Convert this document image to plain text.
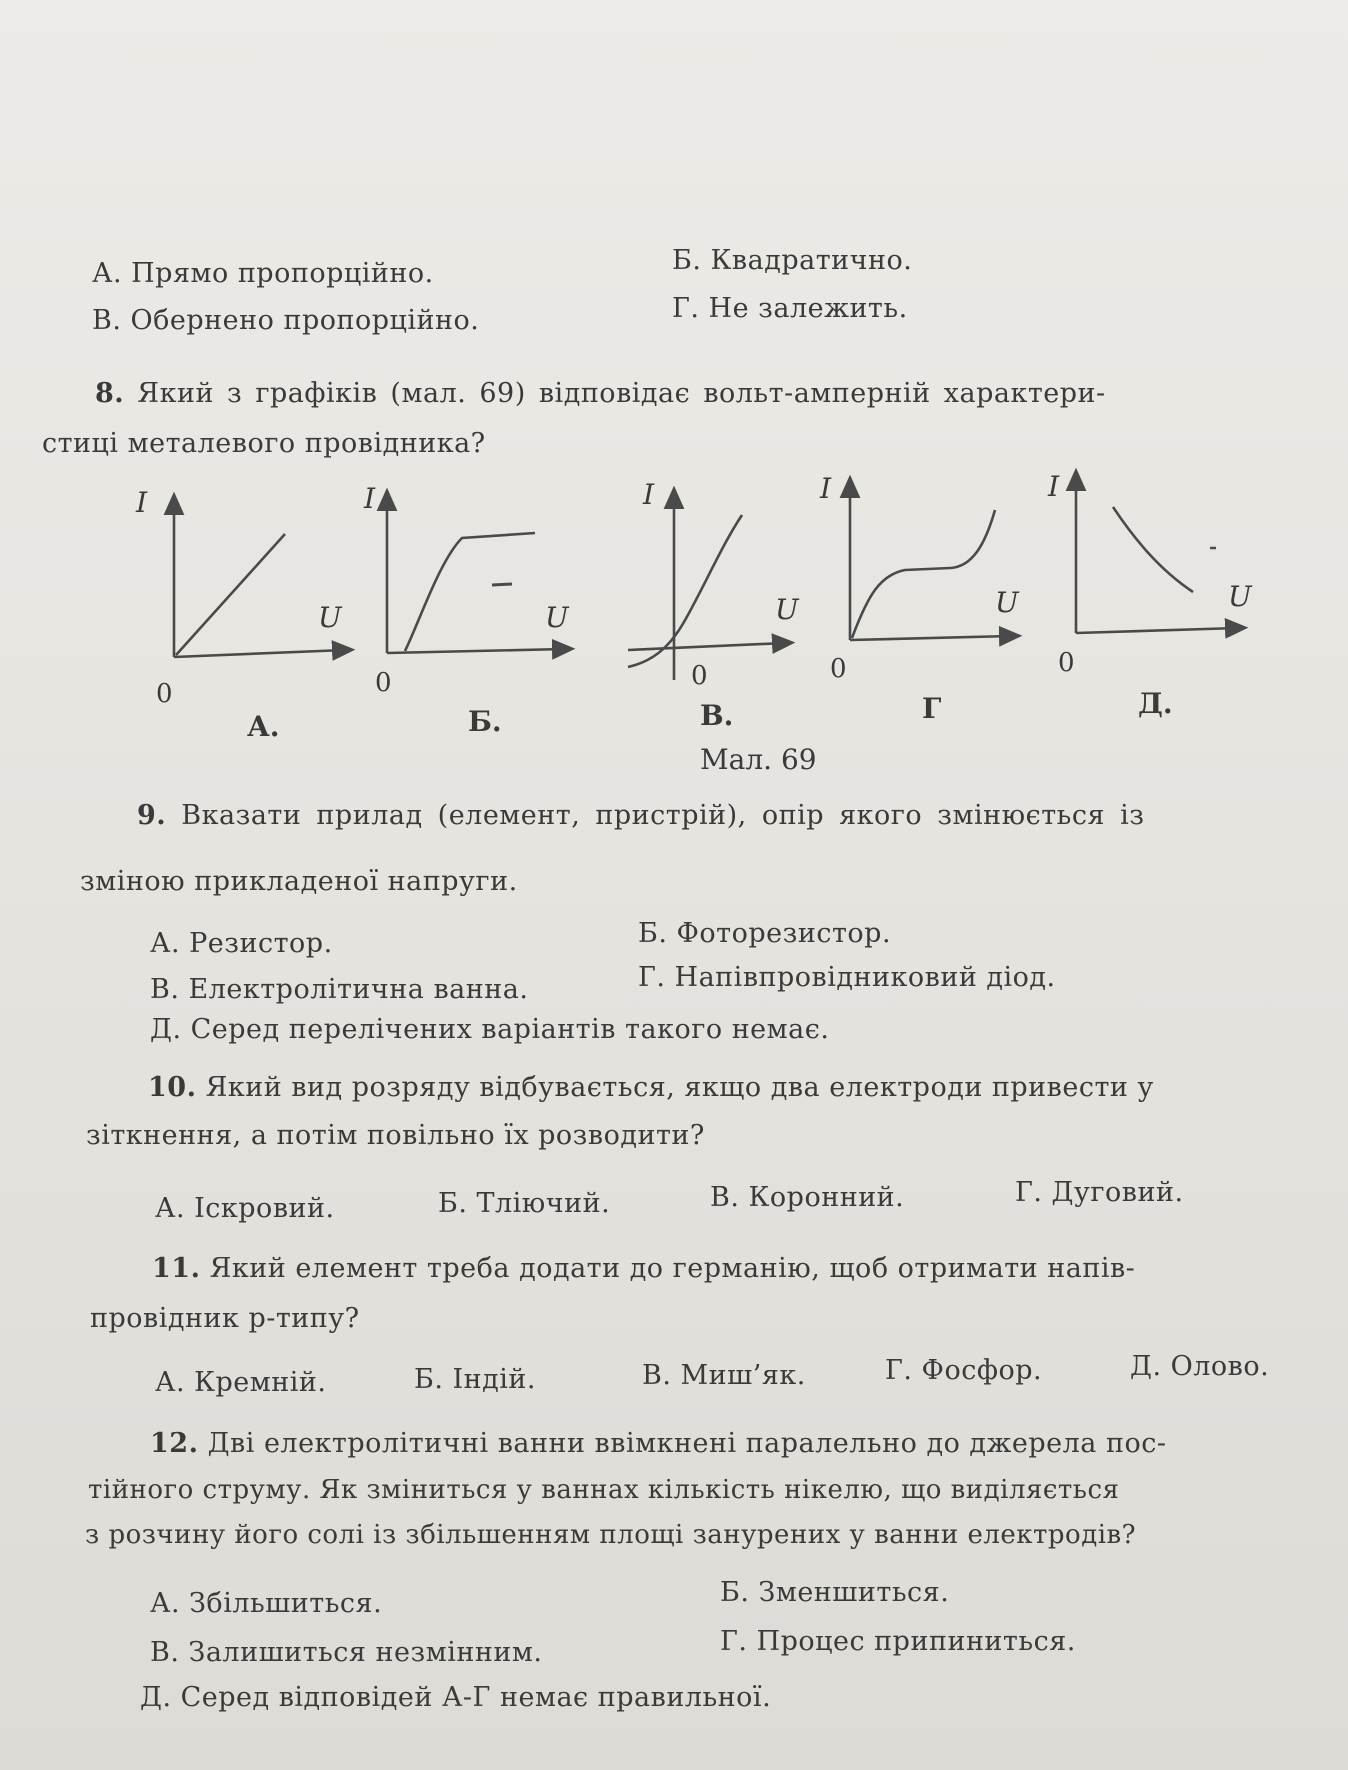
А. Прямо пропорційно.	Б. Квадратично.
В. Обернено пропорційно.	Г. Не залежить.
8. Який з графіків (мал. 69) відповідає вольт-амперній характери-
стиці металевого провідника?
I
U
I
U
I
U
I
U
I
U
0	0	0	0	0
А.	Б.	В.	Г	Д.
Мал. 69
9. Вказати прилад (елемент, пристрій), опір якого змінюється із
зміною прикладеної напруги.
А. Резистор.	Б. Фоторезистор.
В. Електролітична ванна.	Г. Напівпровідниковий діод.
Д. Серед перелічених варіантів такого немає.
10. Який вид розряду відбувається, якщо два електроди привести у
зіткнення, а потім повільно їх розводити?
А. Іскровий.	Б. Тліючий.	В. Коронний.	Г. Дуговий.
11. Який елемент треба додати до германію, щоб отримати напів-
провідник р-типу?
А. Кремній.	Б. Індій.	В. Миш’як.	Г. Фосфор.	Д. Олово.
12. Дві електролітичні ванни ввімкнені паралельно до джерела пос-
тійного струму. Як зміниться у ваннах кількість нікелю, що виділяється
з розчину його солі із збільшенням площі занурених у ванни електродів?
А. Збільшиться.	Б. Зменшиться.
В. Залишиться незмінним.	Г. Процес припиниться.
Д. Серед відповідей А-Г немає правильної.
